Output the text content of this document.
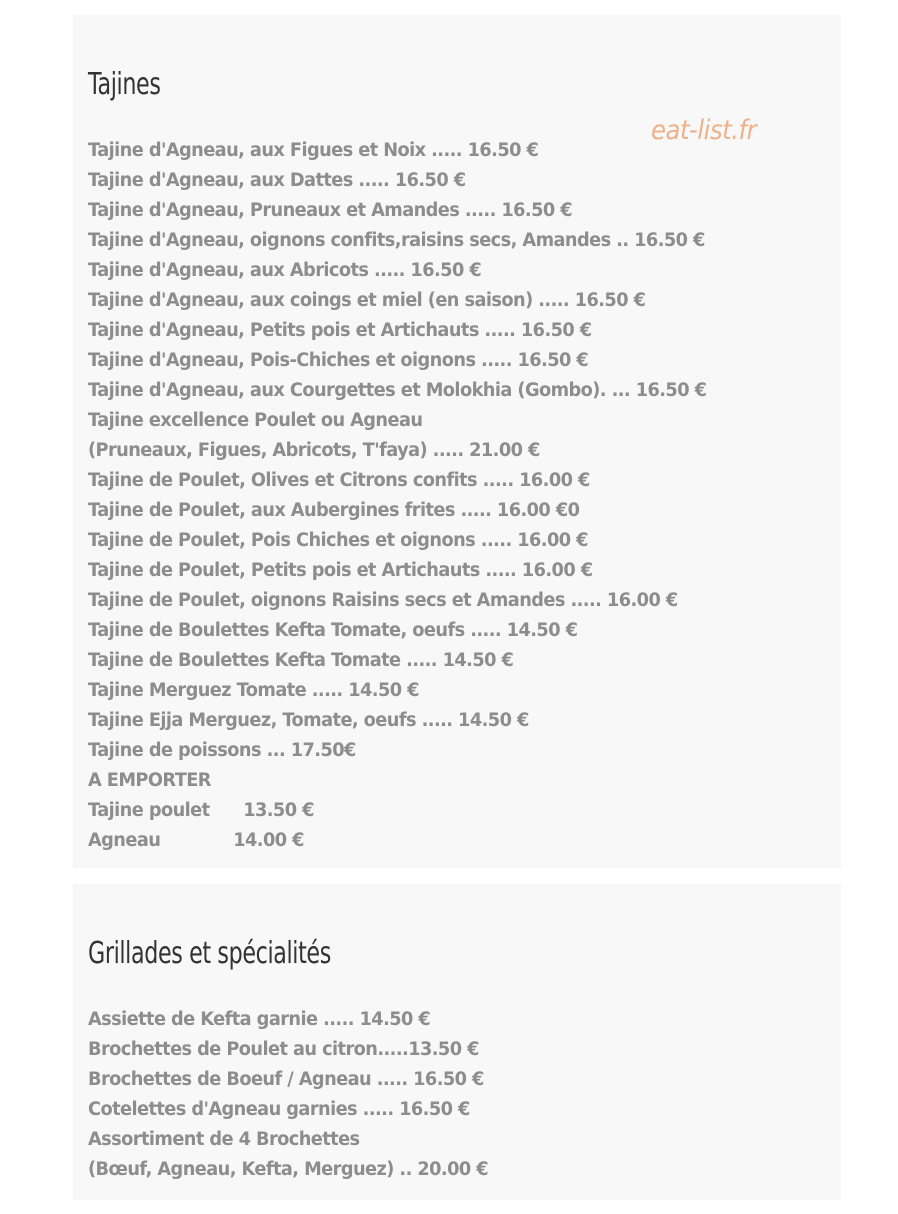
Tajines
Tajine d'Agneau, aux Figues et Noix ..... 16.50 €
Tajine d'Agneau, aux Dattes ..... 16.50 €
Tajine d'Agneau, Pruneaux et Amandes ..... 16.50 €
Tajine d'Agneau, oignons confits,raisins secs, Amandes .. 16.50 €
Tajine d'Agneau, aux Abricots ..... 16.50 €
Tajine d'Agneau, aux coings et miel (en saison) ..... 16.50 €
Tajine d'Agneau, Petits pois et Artichauts ..... 16.50 €
Tajine d'Agneau, Pois-Chiches et oignons ..... 16.50 €
Tajine d'Agneau, aux Courgettes et Molokhia (Gombo). ... 16.50 €
Tajine excellence Poulet ou Agneau
(Pruneaux, Figues, Abricots, T'faya) ..... 21.00 €
Tajine de Poulet, Olives et Citrons confits ..... 16.00 €
Tajine de Poulet, aux Aubergines frites ..... 16.00 €0
Tajine de Poulet, Pois Chiches et oignons ..... 16.00 €
Tajine de Poulet, Petits pois et Artichauts ..... 16.00 €
Tajine de Poulet, oignons Raisins secs et Amandes ..... 16.00 €
Tajine de Boulettes Kefta Tomate, oeufs ..... 14.50 €
Tajine de Boulettes Kefta Tomate ..... 14.50 €
Tajine Merguez Tomate ..... 14.50 €
Tajine Ejja Merguez, Tomate, oeufs ..... 14.50 €
Tajine de poissons ... 17.50€
A EMPORTER
Tajine poulet      13.50 €
Agneau             14.00 €
eat-list.fr
Grillades et spécialités
Assiette de Kefta garnie ..... 14.50 €
Brochettes de Poulet au citron.....13.50 €
Brochettes de Boeuf / Agneau ..... 16.50 €
Cotelettes d'Agneau garnies ..... 16.50 €
Assortiment de 4 Brochettes
(Bœuf, Agneau, Kefta, Merguez) .. 20.00 €
